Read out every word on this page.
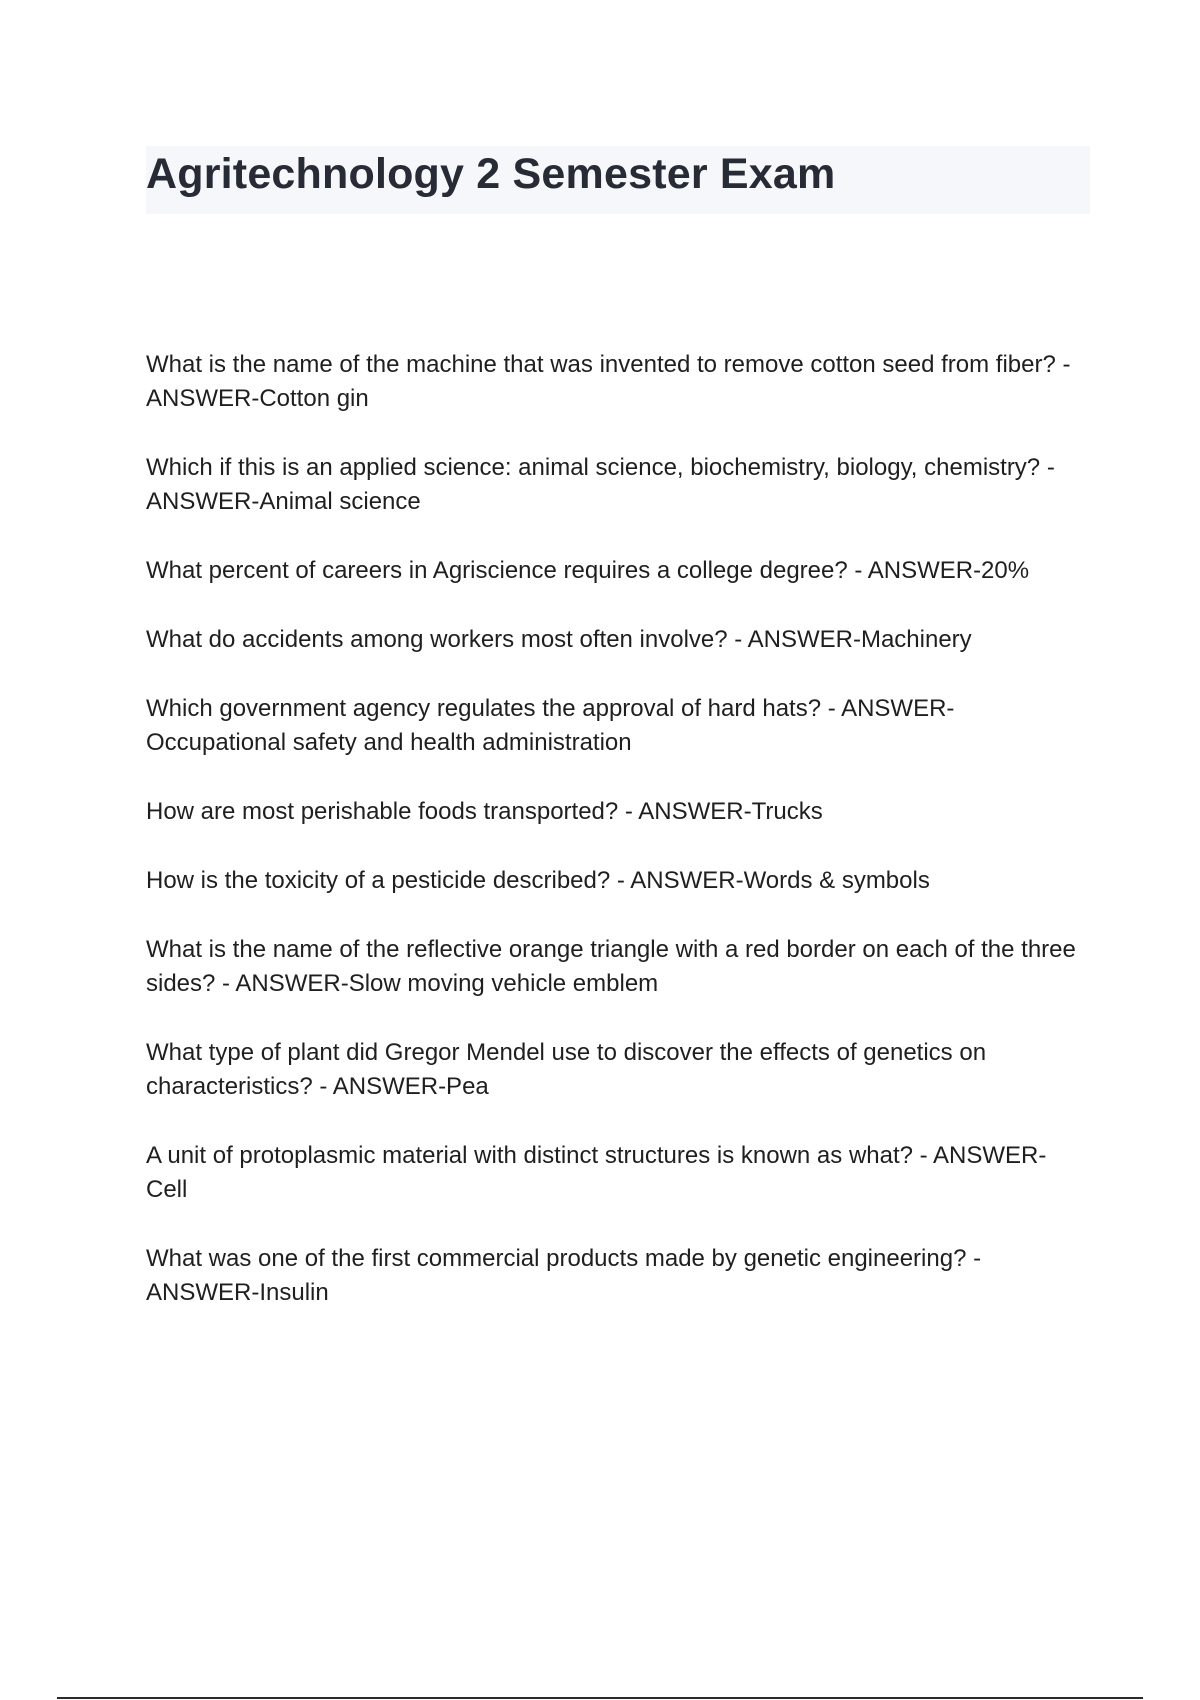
Agritechnology 2 Semester Exam
What is the name of the machine that was invented to remove cotton seed from fiber? - ANSWER-Cotton gin
Which if this is an applied science: animal science, biochemistry, biology, chemistry? - ANSWER-Animal science
What percent of careers in Agriscience requires a college degree? - ANSWER-20%
What do accidents among workers most often involve? - ANSWER-Machinery
Which government agency regulates the approval of hard hats? - ANSWER-Occupational safety and health administration
How are most perishable foods transported? - ANSWER-Trucks
How is the toxicity of a pesticide described? - ANSWER-Words & symbols
What is the name of the reflective orange triangle with a red border on each of the three sides? - ANSWER-Slow moving vehicle emblem
What type of plant did Gregor Mendel use to discover the effects of genetics on characteristics? - ANSWER-Pea
A unit of protoplasmic material with distinct structures is known as what? - ANSWER-Cell
What was one of the first commercial products made by genetic engineering? - ANSWER-Insulin
